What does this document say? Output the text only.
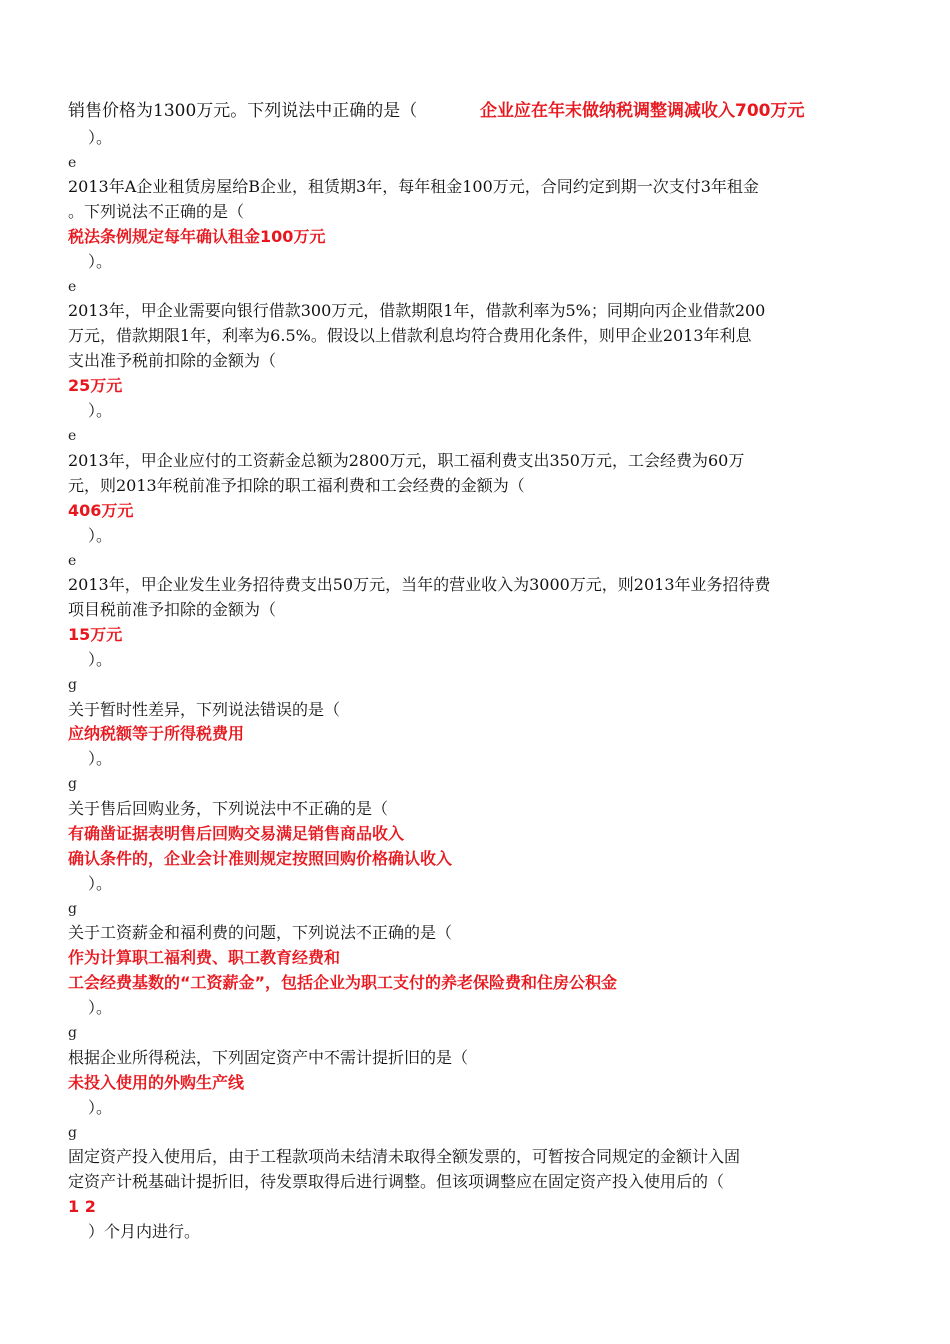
销售价格为1300万元。下列说法中正确的是（	企业应在年末做纳税调整调减收入700万元
）。
e
2013年A企业租赁房屋给B企业，租赁期3年，每年租金100万元，合同约定到期一次支付3年租金
。下列说法不正确的是（
税法条例规定每年确认租金100万元
）。
e
2013年，甲企业需要向银行借款300万元，借款期限1年，借款利率为5%；同期向丙企业借款200
万元，借款期限1年，利率为6.5%。假设以上借款利息均符合费用化条件，则甲企业2013年利息
支出准予税前扣除的金额为（
25万元
）。
e
2013年，甲企业应付的工资薪金总额为2800万元，职工福利费支出350万元，工会经费为60万
元，则2013年税前准予扣除的职工福利费和工会经费的金额为（
406万元
）。
e
2013年，甲企业发生业务招待费支出50万元，当年的营业收入为3000万元，则2013年业务招待费
项目税前准予扣除的金额为（
15万元
）。
g
关于暂时性差异，下列说法错误的是（
应纳税额等于所得税费用
）。
g
关于售后回购业务，下列说法中不正确的是（
有确凿证据表明售后回购交易满足销售商品收入
确认条件的，企业会计准则规定按照回购价格确认收入
）。
g
关于工资薪金和福利费的问题，下列说法不正确的是（
作为计算职工福利费、职工教育经费和
工会经费基数的“工资薪金”，包括企业为职工支付的养老保险费和住房公积金
）。
g
根据企业所得税法，下列固定资产中不需计提折旧的是（
未投入使用的外购生产线
）。
g
固定资产投入使用后，由于工程款项尚未结清未取得全额发票的，可暂按合同规定的金额计入固
定资产计税基础计提折旧，待发票取得后进行调整。但该项调整应在固定资产投入使用后的（
1 2
）个月内进行。
